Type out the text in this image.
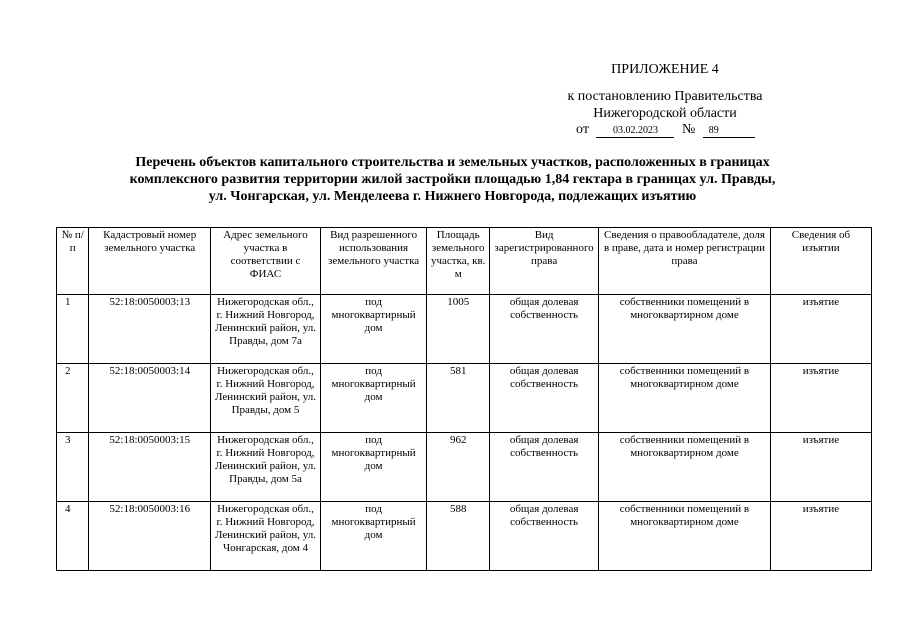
ПРИЛОЖЕНИЕ 4
к постановлению Правительства
Нижегородской области
от 03.02.2023 № 89
Перечень объектов капитального строительства и земельных участков, расположенных в границах
комплексного развития территории жилой застройки площадью 1,84 гектара в границах ул. Правды,
ул. Чонгарская, ул. Менделеева г. Нижнего Новгорода, подлежащих изъятию
№ п/п	Кадастровый номер земельного участка	Адрес земельного участка в соответствии с ФИАС	Вид разрешенного использования земельного участка	Площадь земельного участка, кв. м	Вид зарегистрированного права	Сведения о правообладателе, доля в праве, дата и номер регистрации права	Сведения об изъятии
1	52:18:0050003:13	Нижегородская обл., г. Нижний Новгород, Ленинский район, ул. Правды, дом 7а	под многоквартирный дом	1005	общая долевая собственность	собственники помещений в многоквартирном доме	изъятие
2	52:18:0050003:14	Нижегородская обл., г. Нижний Новгород, Ленинский район, ул. Правды, дом 5	под многоквартирный дом	581	общая долевая собственность	собственники помещений в многоквартирном доме	изъятие
3	52:18:0050003:15	Нижегородская обл., г. Нижний Новгород, Ленинский район, ул. Правды, дом 5а	под многоквартирный дом	962	общая долевая собственность	собственники помещений в многоквартирном доме	изъятие
4	52:18:0050003:16	Нижегородская обл., г. Нижний Новгород, Ленинский район, ул. Чонгарская, дом 4	под многоквартирный дом	588	общая долевая собственность	собственники помещений в многоквартирном доме	изъятие
